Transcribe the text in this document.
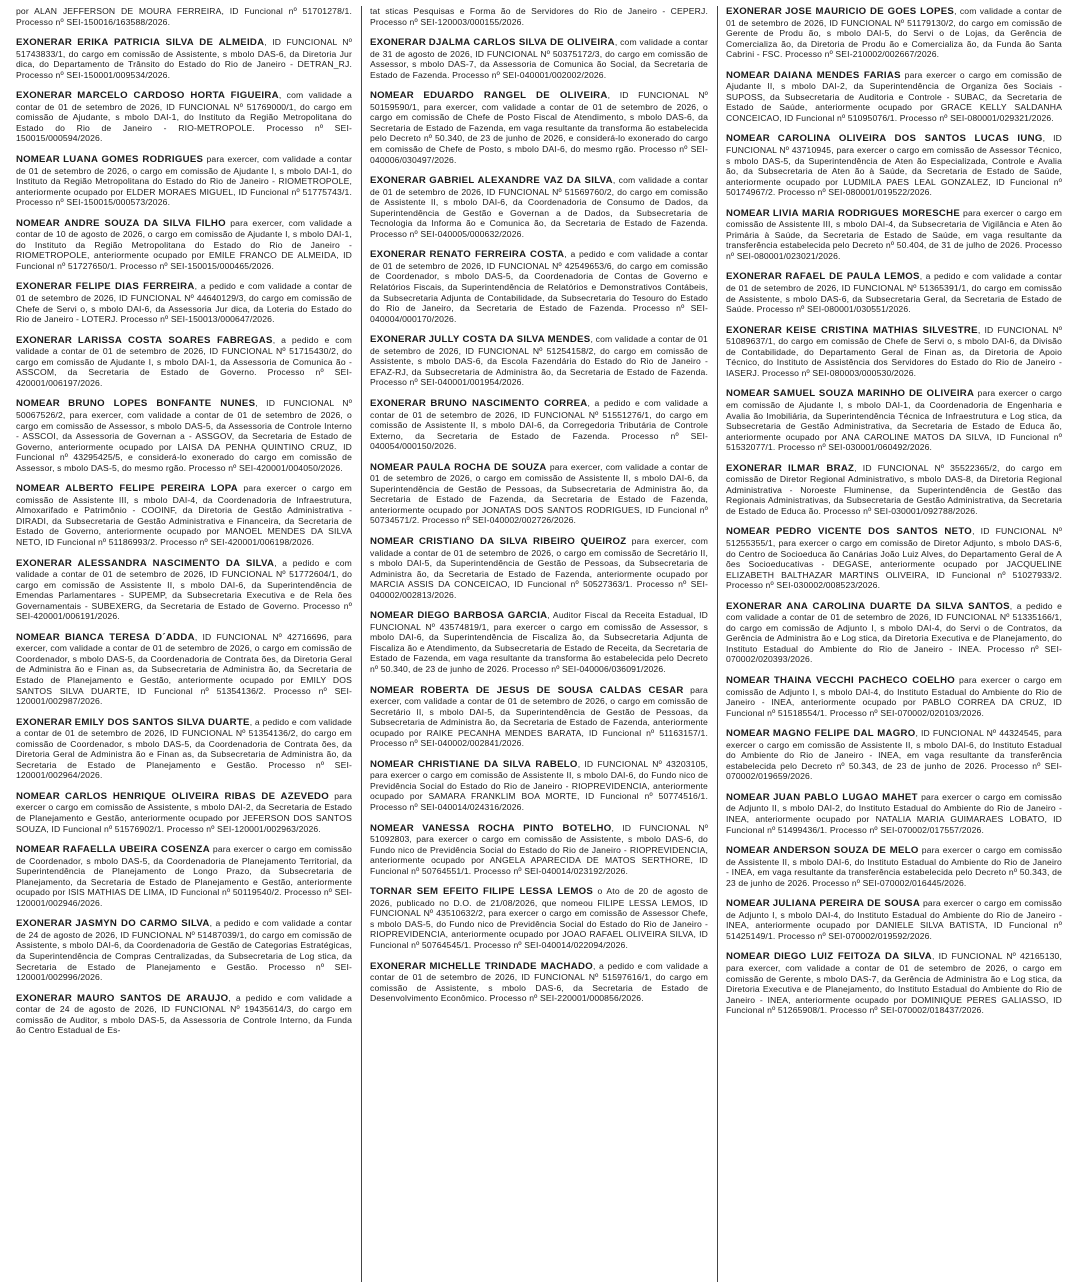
por ALAN JEFFERSON DE MOURA FERREIRA, ID Funcional nº 51701278/1. Processo nº SEI-150016/163588/2026.

EXONERAR ERIKA PATRICIA SILVA DE ALMEIDA, ID FUNCIONAL Nº 51743833/1, do cargo em comissão de Assistente, s mbolo DAS-6, da Diretoria Jur dica, do Departamento de Trânsito do Estado do Rio de Janeiro - DETRAN_RJ. Processo nº SEI-150001/009534/2026.

EXONERAR MARCELO CARDOSO HORTA FIGUEIRA, com validade a contar de 01 de setembro de 2026, ID FUNCIONAL Nº 51769000/1, do cargo em comissão de Ajudante, s mbolo DAI-1, do Instituto da Região Metropolitana do Estado do Rio de Janeiro - RIO-METROPOLE. Processo nº SEI-150015/000594/2026.

NOMEAR LUANA GOMES RODRIGUES para exercer, com validade a contar de 01 de setembro de 2026, o cargo em comissão de Ajudante I, s mbolo DAI-1, do Instituto da Região Metropolitana do Estado do Rio de Janeiro - RIOMETROPOLE, anteriormente ocupado por ELDER MORAES MIGUEL, ID Funcional nº 51775743/1. Processo nº SEI-150015/000573/2026.

NOMEAR ANDRE SOUZA DA SILVA FILHO para exercer, com validade a contar de 10 de agosto de 2026, o cargo em comissão de Ajudante I, s mbolo DAI-1, do Instituto da Região Metropolitana do Estado do Rio de Janeiro - RIOMETROPOLE, anteriormente ocupado por EMILE FRANCO DE ALMEIDA, ID Funcional nº 51727650/1. Processo nº SEI-150015/000465/2026.

EXONERAR FELIPE DIAS FERREIRA, a pedido e com validade a contar de 01 de setembro de 2026, ID FUNCIONAL Nº 44640129/3, do cargo em comissão de Chefe de Servi o, s mbolo DAI-6, da Assessoria Jur dica, da Loteria do Estado do Rio de Janeiro - LOTERJ. Processo nº SEI-150013/000647/2026.

EXONERAR LARISSA COSTA SOARES FABREGAS, a pedido e com validade a contar de 01 de setembro de 2026, ID FUNCIONAL Nº 51715430/2, do cargo em comissão de Ajudante I, s mbolo DAI-1, da Assessoria de Comunica ão - ASSCOM, da Secretaria de Estado de Governo. Processo nº SEI-420001/006197/2026.

NOMEAR BRUNO LOPES BONFANTE NUNES, ID FUNCIONAL Nº 50067526/2, para exercer, com validade a contar de 01 de setembro de 2026, o cargo em comissão de Assessor, s mbolo DAS-5, da Assessoria de Controle Interno - ASSCOI, da Assessoria de Governan a - ASSGOV, da Secretaria de Estado de Governo, anteriormente ocupado por LAISA DA PENHA QUINTINO CRUZ, ID Funcional nº 43295425/5, e considerá-lo exonerado do cargo em comissão de Assessor, s mbolo DAS-5, do mesmo rgão. Processo nº SEI-420001/004050/2026.

NOMEAR ALBERTO FELIPE PEREIRA LOPA para exercer o cargo em comissão de Assistente III, s mbolo DAI-4, da Coordenadoria de Infraestrutura, Almoxarifado e Patrimônio - COOINF, da Diretoria de Gestão Administrativa - DIRADI, da Subsecretaria de Gestão Administrativa e Financeira, da Secretaria de Estado de Governo, anteriormente ocupado por MANOEL MENDES DA SILVA NETO, ID Funcional nº 51186993/2. Processo nº SEI-420001/006198/2026.

EXONERAR ALESSANDRA NASCIMENTO DA SILVA, a pedido e com validade a contar de 01 de setembro de 2026, ID FUNCIONAL Nº 51772604/1, do cargo em comissão de Assistente II, s mbolo DAI-6, da Superintendência de Emendas Parlamentares - SUPEMP, da Subsecretaria Executiva e de Rela ões Governamentais - SUBEXERG, da Secretaria de Estado de Governo. Processo nº SEI-420001/006191/2026.

NOMEAR BIANCA TERESA D´ADDA, ID FUNCIONAL Nº 42716696, para exercer, com validade a contar de 01 de setembro de 2026, o cargo em comissão de Coordenador, s mbolo DAS-5, da Coordenadoria de Contrata ões, da Diretoria Geral de Administra ão e Finan as, da Subsecretaria de Administra ão, da Secretaria de Estado de Planejamento e Gestão, anteriormente ocupado por EMILY DOS SANTOS SILVA DUARTE, ID Funcional nº 51354136/2. Processo nº SEI-120001/002987/2026.

EXONERAR EMILY DOS SANTOS SILVA DUARTE, a pedido e com validade a contar de 01 de setembro de 2026, ID FUNCIONAL Nº 51354136/2, do cargo em comissão de Coordenador, s mbolo DAS-5, da Coordenadoria de Contrata ões, da Diretoria Geral de Administra ão e Finan as, da Subsecretaria de Administra ão, da Secretaria de Estado de Planejamento e Gestão. Processo nº SEI-120001/002964/2026.

NOMEAR CARLOS HENRIQUE OLIVEIRA RIBAS DE AZEVEDO para exercer o cargo em comissão de Assistente, s mbolo DAI-2, da Secretaria de Estado de Planejamento e Gestão, anteriormente ocupado por JEFERSON DOS SANTOS SOUZA, ID Funcional nº 51576902/1. Processo nº SEI-120001/002963/2026.

NOMEAR RAFAELLA UBEIRA COSENZA para exercer o cargo em comissão de Coordenador, s mbolo DAS-5, da Coordenadoria de Planejamento Territorial, da Superintendência de Planejamento de Longo Prazo, da Subsecretaria de Planejamento, da Secretaria de Estado de Planejamento e Gestão, anteriormente ocupado por ISIS MATHIAS DE LIMA, ID Funcional nº 50119540/2. Processo nº SEI-120001/002946/2026.

EXONERAR JASMYN DO CARMO SILVA, a pedido e com validade a contar de 24 de agosto de 2026, ID FUNCIONAL Nº 51487039/1, do cargo em comissão de Assistente, s mbolo DAI-6, da Coordenadoria de Gestão de Categorias Estratégicas, da Superintendência de Compras Centralizadas, da Subsecretaria de Log stica, da Secretaria de Estado de Planejamento e Gestão. Processo nº SEI-120001/002996/2026.

EXONERAR MAURO SANTOS DE ARAUJO, a pedido e com validade a contar de 24 de agosto de 2026, ID FUNCIONAL Nº 19435614/3, do cargo em comissão de Auditor, s mbolo DAS-5, da Assessoria de Controle Interno, da Funda ão Centro Estadual de Es-

tat sticas Pesquisas e Forma ão de Servidores do Rio de Janeiro - CEPERJ. Processo nº SEI-120003/000155/2026.

EXONERAR DJALMA CARLOS SILVA DE OLIVEIRA, com validade a contar de 31 de agosto de 2026, ID FUNCIONAL Nº 50375172/3, do cargo em comissão de Assessor, s mbolo DAS-7, da Assessoria de Comunica ão Social, da Secretaria de Estado de Fazenda. Processo nº SEI-040001/002002/2026.

NOMEAR EDUARDO RANGEL DE OLIVEIRA, ID FUNCIONAL Nº 50159590/1, para exercer, com validade a contar de 01 de setembro de 2026, o cargo em comissão de Chefe de Posto Fiscal de Atendimento, s mbolo DAS-6, da Secretaria de Estado de Fazenda, em vaga resultante da transforma ão estabelecida pelo Decreto nº 50.340, de 23 de junho de 2026, e considerá-lo exonerado do cargo em comissão de Chefe de Posto, s mbolo DAI-6, do mesmo rgão. Processo nº SEI-040006/030497/2026.

EXONERAR GABRIEL ALEXANDRE VAZ DA SILVA, com validade a contar de 01 de setembro de 2026, ID FUNCIONAL Nº 51569760/2, do cargo em comissão de Assistente II, s mbolo DAI-6, da Coordenadoria de Consumo de Dados, da Superintendência de Gestão e Governan a de Dados, da Subsecretaria de Tecnologia da Informa ão e Comunica ão, da Secretaria de Estado de Fazenda. Processo nº SEI-040005/000632/2026.

EXONERAR RENATO FERREIRA COSTA, a pedido e com validade a contar de 01 de setembro de 2026, ID FUNCIONAL Nº 42549653/6, do cargo em comissão de Coordenador, s mbolo DAS-5, da Coordenadoria de Contas de Governo e Relatórios Fiscais, da Superintendência de Relatórios e Demonstrativos Contábeis, da Subsecretaria Adjunta de Contabilidade, da Subsecretaria do Tesouro do Estado do Rio de Janeiro, da Secretaria de Estado de Fazenda. Processo nº SEI-040004/000170/2026.

EXONERAR JULLY COSTA DA SILVA MENDES, com validade a contar de 01 de setembro de 2026, ID FUNCIONAL Nº 51254158/2, do cargo em comissão de Assistente, s mbolo DAS-6, da Escola Fazendária do Estado do Rio de Janeiro - EFAZ-RJ, da Subsecretaria de Administra ão, da Secretaria de Estado de Fazenda. Processo nº SEI-040001/001954/2026.

EXONERAR BRUNO NASCIMENTO CORREA, a pedido e com validade a contar de 01 de setembro de 2026, ID FUNCIONAL Nº 51551276/1, do cargo em comissão de Assistente II, s mbolo DAI-6, da Corregedoria Tributária de Controle Externo, da Secretaria de Estado de Fazenda. Processo nº SEI-040054/000150/2026.

NOMEAR PAULA ROCHA DE SOUZA para exercer, com validade a contar de 01 de setembro de 2026, o cargo em comissão de Assistente II, s mbolo DAI-6, da Superintendência de Gestão de Pessoas, da Subsecretaria de Administra ão, da Secretaria de Estado de Fazenda, da Secretaria de Estado de Fazenda, anteriormente ocupado por JONATAS DOS SANTOS RODRIGUES, ID Funcional nº 50734571/2. Processo nº SEI-040002/002726/2026.

NOMEAR CRISTIANO DA SILVA RIBEIRO QUEIROZ para exercer, com validade a contar de 01 de setembro de 2026, o cargo em comissão de Secretário II, s mbolo DAI-5, da Superintendência de Gestão de Pessoas, da Subsecretaria de Administra ão, da Secretaria de Estado de Fazenda, anteriormente ocupado por MARCIA ASSIS DA CONCEICAO, ID Funcional nº 50527363/1. Processo nº SEI-040002/002813/2026.

NOMEAR DIEGO BARBOSA GARCIA, Auditor Fiscal da Receita Estadual, ID FUNCIONAL Nº 43574819/1, para exercer o cargo em comissão de Assessor, s mbolo DAI-6, da Superintendência de Fiscaliza ão, da Subsecretaria Adjunta de Fiscaliza ão e Atendimento, da Subsecretaria de Estado de Receita, da Secretaria de Estado de Fazenda, em vaga resultante da transforma ão estabelecida pelo Decreto nº 50.340, de 23 de junho de 2026. Processo nº SEI-040006/036091/2026.

NOMEAR ROBERTA DE JESUS DE SOUSA CALDAS CESAR para exercer, com validade a contar de 01 de setembro de 2026, o cargo em comissão de Secretário II, s mbolo DAI-5, da Superintendência de Gestão de Pessoas, da Subsecretaria de Administra ão, da Secretaria de Estado de Fazenda, anteriormente ocupado por RAIKE PECANHA MENDES BARATA, ID Funcional nº 51163157/1. Processo nº SEI-040002/002841/2026.

NOMEAR CHRISTIANE DA SILVA RABELO, ID FUNCIONAL Nº 43203105, para exercer o cargo em comissão de Assistente II, s mbolo DAI-6, do Fundo nico de Previdência Social do Estado do Rio de Janeiro - RIOPREVIDENCIA, anteriormente ocupado por SAMARA FRANKLIM BOA MORTE, ID Funcional nº 50774516/1. Processo nº SEI-040014/024316/2026.

NOMEAR VANESSA ROCHA PINTO BOTELHO, ID FUNCIONAL Nº 51092803, para exercer o cargo em comissão de Assistente, s mbolo DAS-6, do Fundo nico de Previdência Social do Estado do Rio de Janeiro - RIOPREVIDENCIA, anteriormente ocupado por ANGELA APARECIDA DE MATOS SERTHORE, ID Funcional nº 50764551/1. Processo nº SEI-040014/023192/2026.

TORNAR SEM EFEITO FILIPE LESSA LEMOS o Ato de 20 de agosto de 2026, publicado no D.O. de 21/08/2026, que nomeou FILIPE LESSA LEMOS, ID FUNCIONAL Nº 43510632/2, para exercer o cargo em comissão de Assessor Chefe, s mbolo DAS-5, do Fundo nico de Previdência Social do Estado do Rio de Janeiro - RIOPREVIDENCIA, anteriormente ocupado por JOAO RAFAEL OLIVEIRA SILVA, ID Funcional nº 50764545/1. Processo nº SEI-040014/022094/2026.

EXONERAR MICHELLE TRINDADE MACHADO, a pedido e com validade a contar de 01 de setembro de 2026, ID FUNCIONAL Nº 51597616/1, do cargo em comissão de Assistente, s mbolo DAS-6, da Secretaria de Estado de Desenvolvimento Econômico. Processo nº SEI-220001/000856/2026.

EXONERAR JOSE MAURICIO DE GOES LOPES, com validade a contar de 01 de setembro de 2026, ID FUNCIONAL Nº 51179130/2, do cargo em comissão de Gerente de Produ ão, s mbolo DAI-5, do Servi o de Lojas, da Gerência de Comercializa ão, da Diretoria de Produ ão e Comercializa ão, da Funda ão Santa Cabrini - FSC. Processo nº SEI-210002/002667/2026.

NOMEAR DAIANA MENDES FARIAS para exercer o cargo em comissão de Ajudante II, s mbolo DAI-2, da Superintendência de Organiza ões Sociais - SUPOSS, da Subsecretaria de Auditoria e Controle - SUBAC, da Secretaria de Estado de Saúde, anteriormente ocupado por GRACE KELLY SALDANHA CONCEICAO, ID Funcional nº 51095076/1. Processo nº SEI-080001/029321/2026.

NOMEAR CAROLINA OLIVEIRA DOS SANTOS LUCAS IUNG, ID FUNCIONAL Nº 43710945, para exercer o cargo em comissão de Assessor Técnico, s mbolo DAS-5, da Superintendência de Aten ão Especializada, Controle e Avalia ão, da Subsecretaria de Aten ão à Saúde, da Secretaria de Estado de Saúde, anteriormente ocupado por LUDMILA PAES LEAL GONZALEZ, ID Funcional nº 50174967/2. Processo nº SEI-080001/019522/2026.

NOMEAR LIVIA MARIA RODRIGUES MORESCHE para exercer o cargo em comissão de Assistente III, s mbolo DAI-4, da Subsecretaria de Vigilância e Aten ão Primária à Saúde, da Secretaria de Estado de Saúde, em vaga resultante da transferência estabelecida pelo Decreto nº 50.404, de 31 de julho de 2026. Processo nº SEI-080001/023021/2026.

EXONERAR RAFAEL DE PAULA LEMOS, a pedido e com validade a contar de 01 de setembro de 2026, ID FUNCIONAL Nº 51365391/1, do cargo em comissão de Assistente, s mbolo DAS-6, da Subsecretaria Geral, da Secretaria de Estado de Saúde. Processo nº SEI-080001/030551/2026.

EXONERAR KEISE CRISTINA MATHIAS SILVESTRE, ID FUNCIONAL Nº 51089637/1, do cargo em comissão de Chefe de Servi o, s mbolo DAI-6, da Divisão de Contabilidade, do Departamento Geral de Finan as, da Diretoria de Apoio Técnico, do Instituto de Assistência dos Servidores do Estado do Rio de Janeiro - IASERJ. Processo nº SEI-080003/000530/2026.

NOMEAR SAMUEL SOUZA MARINHO DE OLIVEIRA para exercer o cargo em comissão de Ajudante I, s mbolo DAI-1, da Coordenadoria de Engenharia e Avalia ão Imobiliária, da Superintendência Técnica de Infraestrutura e Log stica, da Subsecretaria de Gestão Administrativa, da Secretaria de Estado de Educa ão, anteriormente ocupado por ANA CAROLINE MATOS DA SILVA, ID Funcional nº 51532077/1. Processo nº SEI-030001/060492/2026.

EXONERAR ILMAR BRAZ, ID FUNCIONAL Nº 35522365/2, do cargo em comissão de Diretor Regional Administrativo, s mbolo DAS-8, da Diretoria Regional Administrativa - Noroeste Fluminense, da Superintendência de Gestão das Regionais Administrativas, da Subsecretaria de Gestão Administrativa, da Secretaria de Estado de Educa ão. Processo nº SEI-030001/092788/2026.

NOMEAR PEDRO VICENTE DOS SANTOS NETO, ID FUNCIONAL Nº 51255355/1, para exercer o cargo em comissão de Diretor Adjunto, s mbolo DAS-6, do Centro de Socioeduca ão Canárias João Luiz Alves, do Departamento Geral de A ões Socioeducativas - DEGASE, anteriormente ocupado por JACQUELINE ELIZABETH BALTHAZAR MARTINS OLIVEIRA, ID Funcional nº 51027933/2. Processo nº SEI-030002/008523/2026.

EXONERAR ANA CAROLINA DUARTE DA SILVA SANTOS, a pedido e com validade a contar de 01 de setembro de 2026, ID FUNCIONAL Nº 51335166/1, do cargo em comissão de Adjunto I, s mbolo DAI-4, do Servi o de Contratos, da Gerência de Administra ão e Log stica, da Diretoria Executiva e de Planejamento, do Instituto Estadual do Ambiente do Rio de Janeiro - INEA. Processo nº SEI-070002/020393/2026.

NOMEAR THAINA VECCHI PACHECO COELHO para exercer o cargo em comissão de Adjunto I, s mbolo DAI-4, do Instituto Estadual do Ambiente do Rio de Janeiro - INEA, anteriormente ocupado por PABLO CORREA DA CRUZ, ID Funcional nº 51518554/1. Processo nº SEI-070002/020103/2026.

NOMEAR MAGNO FELIPE DAL MAGRO, ID FUNCIONAL Nº 44324545, para exercer o cargo em comissão de Assistente II, s mbolo DAI-6, do Instituto Estadual do Ambiente do Rio de Janeiro - INEA, em vaga resultante da transferência estabelecida pelo Decreto nº 50.343, de 23 de junho de 2026. Processo nº SEI-070002/019659/2026.

NOMEAR JUAN PABLO LUGAO MAHET para exercer o cargo em comissão de Adjunto II, s mbolo DAI-2, do Instituto Estadual do Ambiente do Rio de Janeiro - INEA, anteriormente ocupado por NATALIA MARIA GUIMARAES LOBATO, ID Funcional nº 51499436/1. Processo nº SEI-070002/017557/2026.

NOMEAR ANDERSON SOUZA DE MELO para exercer o cargo em comissão de Assistente II, s mbolo DAI-6, do Instituto Estadual do Ambiente do Rio de Janeiro - INEA, em vaga resultante da transferência estabelecida pelo Decreto nº 50.343, de 23 de junho de 2026. Processo nº SEI-070002/016445/2026.

NOMEAR JULIANA PEREIRA DE SOUSA para exercer o cargo em comissão de Adjunto I, s mbolo DAI-4, do Instituto Estadual do Ambiente do Rio de Janeiro - INEA, anteriormente ocupado por DANIELE SILVA BATISTA, ID Funcional nº 51425149/1. Processo nº SEI-070002/019592/2026.

NOMEAR DIEGO LUIZ FEITOZA DA SILVA, ID FUNCIONAL Nº 42165130, para exercer, com validade a contar de 01 de setembro de 2026, o cargo em comissão de Gerente, s mbolo DAS-7, da Gerência de Administra ão e Log stica, da Diretoria Executiva e de Planejamento, do Instituto Estadual do Ambiente do Rio de Janeiro - INEA, anteriormente ocupado por DOMINIQUE PERES GALIASSO, ID Funcional nº 51265908/1. Processo nº SEI-070002/018437/2026.
